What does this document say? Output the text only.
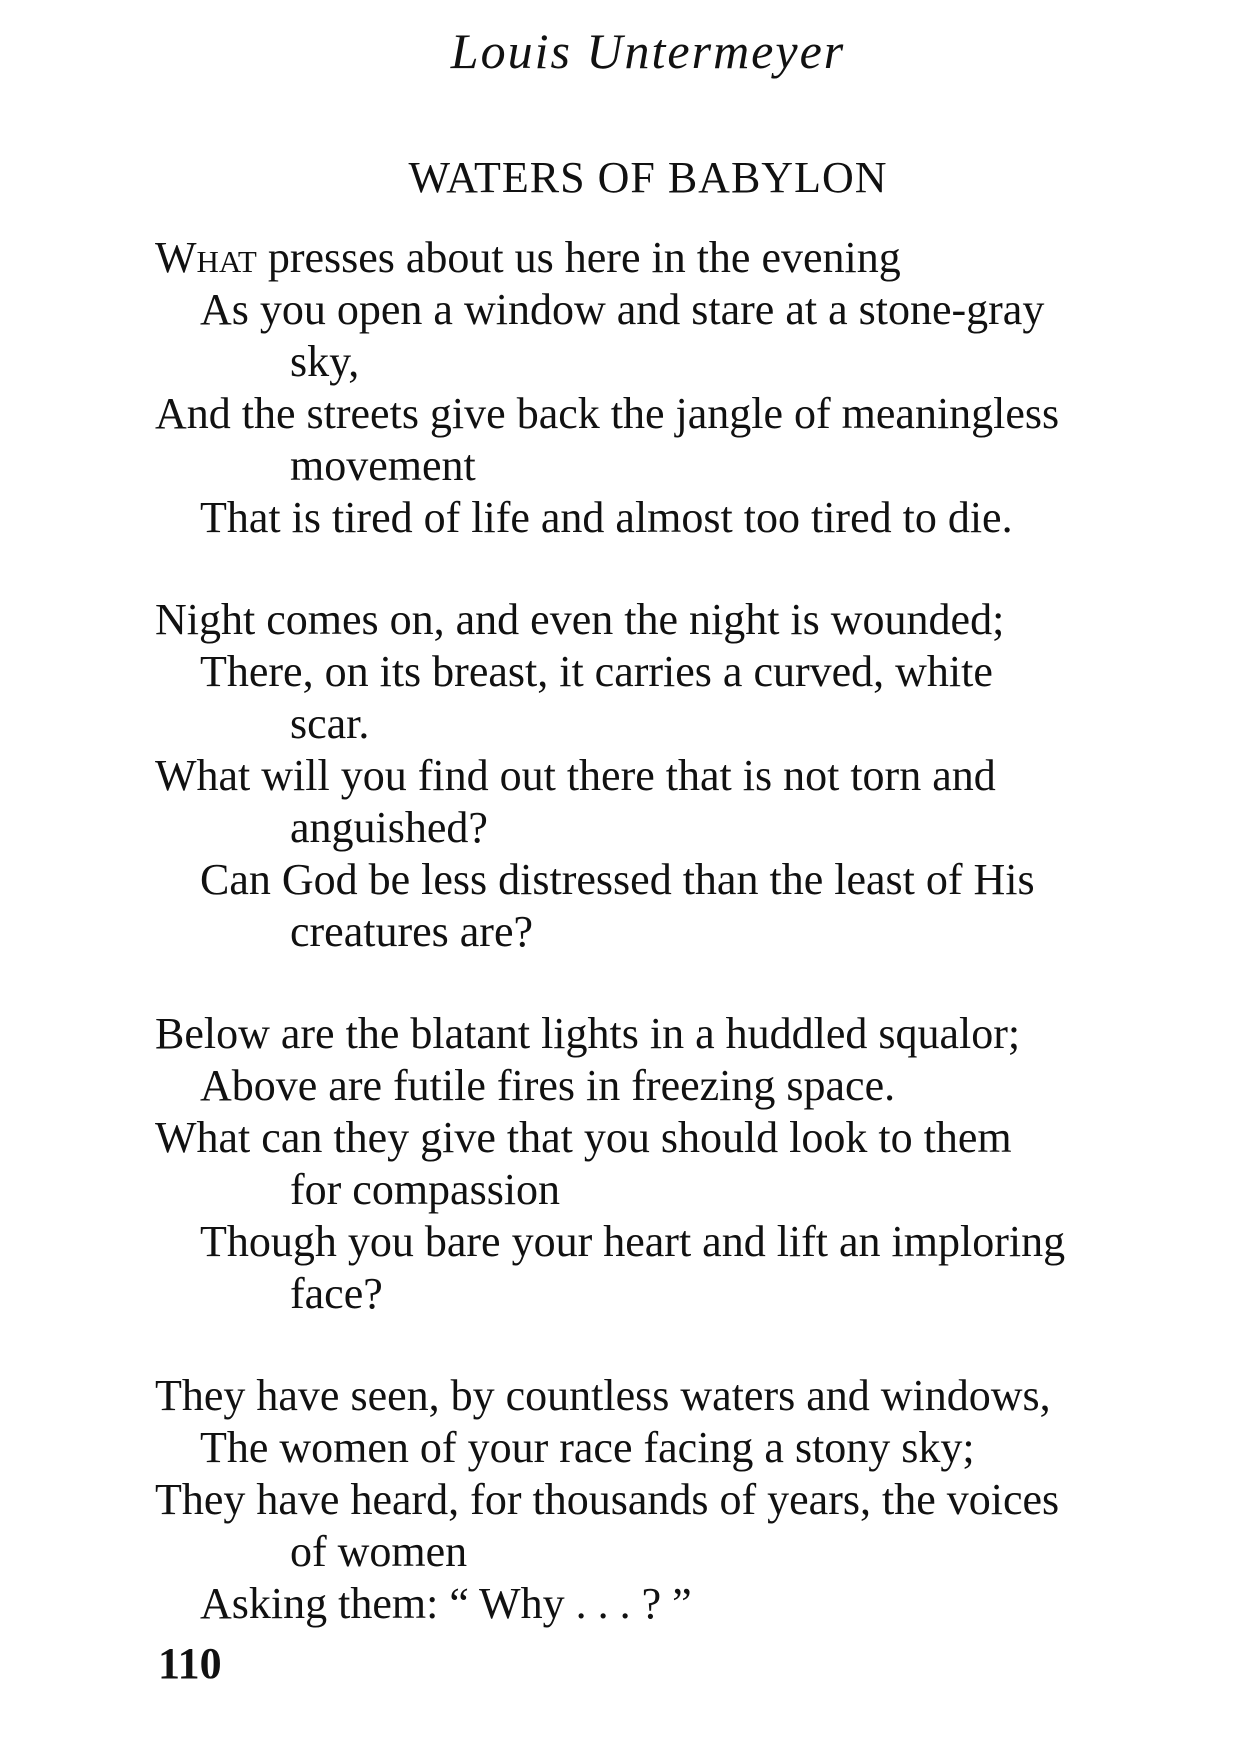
Louis Untermeyer
WATERS OF BABYLON
What presses about us here in the evening
As you open a window and stare at a stone-gray
sky,
And the streets give back the jangle of meaningless
movement
That is tired of life and almost too tired to die.
Night comes on, and even the night is wounded;
There, on its breast, it carries a curved, white
scar.
What will you find out there that is not torn and
anguished?
Can God be less distressed than the least of His
creatures are?
Below are the blatant lights in a huddled squalor;
Above are futile fires in freezing space.
What can they give that you should look to them
for compassion
Though you bare your heart and lift an imploring
face?
They have seen, by countless waters and windows,
The women of your race facing a stony sky;
They have heard, for thousands of years, the voices
of women
Asking them: “ Why . . . ? ”
110
